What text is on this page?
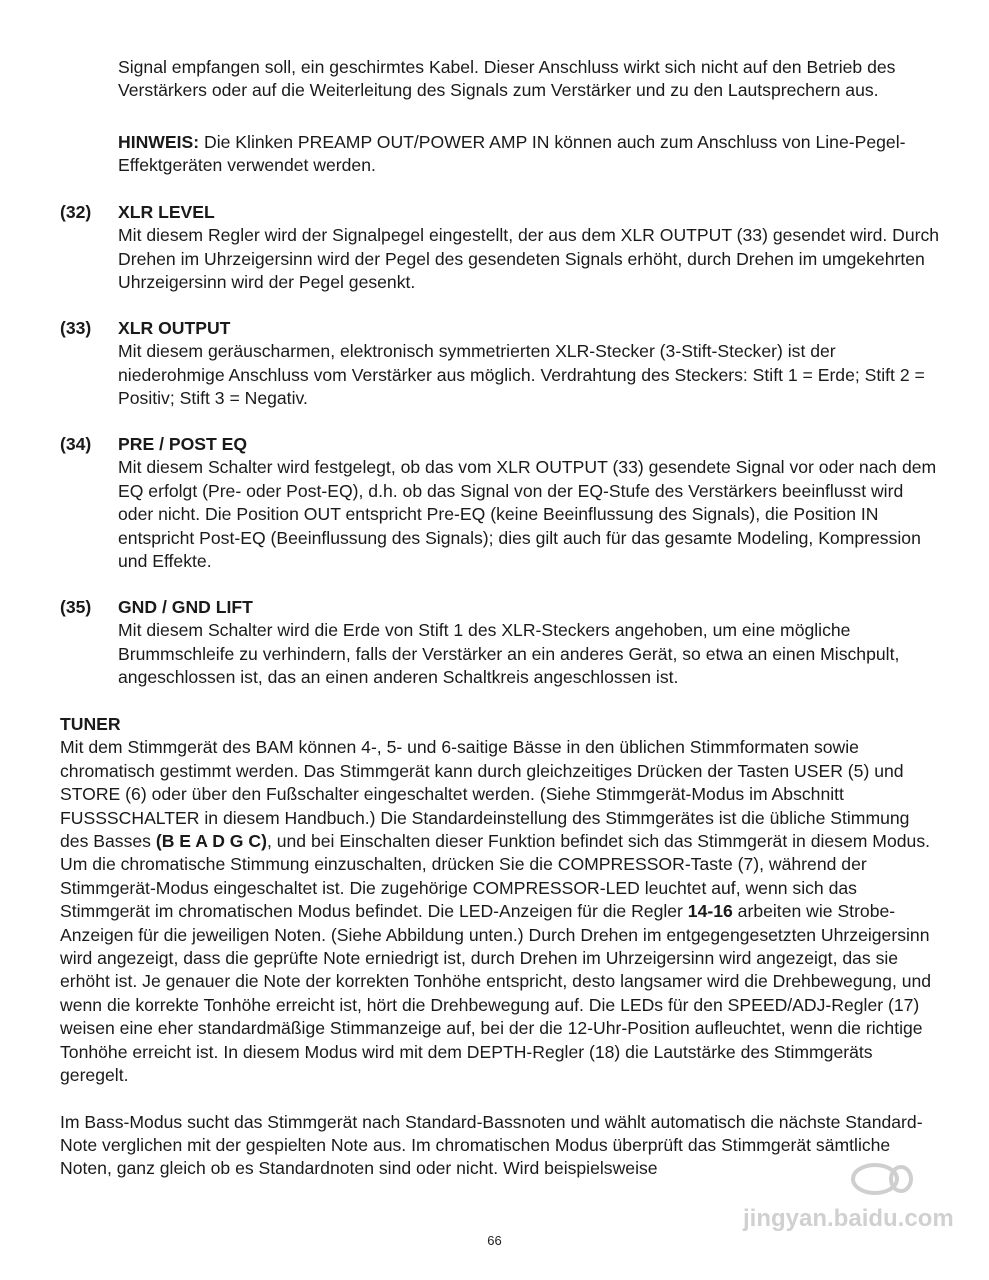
Signal empfangen soll, ein geschirmtes Kabel. Dieser Anschluss wirkt sich nicht auf den Betrieb des Verstärkers oder auf die Weiterleitung des Signals zum Verstärker und zu den Lautsprechern aus.

HINWEIS: Die Klinken PREAMP OUT/POWER AMP IN können auch zum Anschluss von Line-Pegel-Effektgeräten verwendet werden.

(32) XLR LEVEL

Mit diesem Regler wird der Signalpegel eingestellt, der aus dem XLR OUTPUT (33) gesendet wird. Durch Drehen im Uhrzeigersinn wird der Pegel des gesendeten Signals erhöht, durch Drehen im umgekehrten Uhrzeigersinn wird der Pegel gesenkt.

(33) XLR OUTPUT

Mit diesem geräuscharmen, elektronisch symmetrierten XLR-Stecker (3-Stift-Stecker) ist der niederohmige Anschluss vom Verstärker aus möglich. Verdrahtung des Steckers: Stift 1 = Erde; Stift 2 = Positiv; Stift 3 = Negativ.

(34) PRE / POST EQ

Mit diesem Schalter wird festgelegt, ob das vom XLR OUTPUT (33) gesendete Signal vor oder nach dem EQ erfolgt (Pre- oder Post-EQ), d.h. ob das Signal von der EQ-Stufe des Verstärkers beeinflusst wird oder nicht. Die Position OUT entspricht Pre-EQ (keine Beeinflussung des Signals), die Position IN entspricht Post-EQ (Beeinflussung des Signals); dies gilt auch für das gesamte Modeling, Kompression und Effekte.

(35) GND / GND LIFT

Mit diesem Schalter wird die Erde von Stift 1 des XLR-Steckers angehoben, um eine mögliche Brummschleife zu verhindern, falls der Verstärker an ein anderes Gerät, so etwa an einen Mischpult, angeschlossen ist, das an einen anderen Schaltkreis angeschlossen ist.

TUNER

Mit dem Stimmgerät des BAM können 4-, 5- und 6-saitige Bässe in den üblichen Stimmformaten sowie chromatisch gestimmt werden. Das Stimmgerät kann durch gleichzeitiges Drücken der Tasten USER (5) und STORE (6) oder über den Fußschalter eingeschaltet werden. (Siehe Stimmgerät-Modus im Abschnitt FUSSSCHALTER in diesem Handbuch.) Die Standardeinstellung des Stimmgerätes ist die übliche Stimmung des Basses (B E A D G C), und bei Einschalten dieser Funktion befindet sich das Stimmgerät in diesem Modus. Um die chromatische Stimmung einzuschalten, drücken Sie die COMPRESSOR-Taste (7), während der Stimmgerät-Modus eingeschaltet ist. Die zugehörige COMPRESSOR-LED leuchtet auf, wenn sich das Stimmgerät im chromatischen Modus befindet. Die LED-Anzeigen für die Regler 14-16 arbeiten wie Strobe-Anzeigen für die jeweiligen Noten. (Siehe Abbildung unten.) Durch Drehen im entgegengesetzten Uhrzeigersinn wird angezeigt, dass die geprüfte Note erniedrigt ist, durch Drehen im Uhrzeigersinn wird angezeigt, das sie erhöht ist. Je genauer die Note der korrekten Tonhöhe entspricht, desto langsamer wird die Drehbewegung, und wenn die korrekte Tonhöhe erreicht ist, hört die Drehbewegung auf. Die LEDs für den SPEED/ADJ-Regler (17) weisen eine eher standardmäßige Stimmanzeige auf, bei der die 12-Uhr-Position aufleuchtet, wenn die richtige Tonhöhe erreicht ist. In diesem Modus wird mit dem DEPTH-Regler (18) die Lautstärke des Stimmgeräts geregelt.

Im Bass-Modus sucht das Stimmgerät nach Standard-Bassnoten und wählt automatisch die nächste Standard-Note verglichen mit der gespielten Note aus. Im chromatischen Modus überprüft das Stimmgerät sämtliche Noten, ganz gleich ob es Standardnoten sind oder nicht. Wird beispielsweise

66
jingyan.baidu.com
